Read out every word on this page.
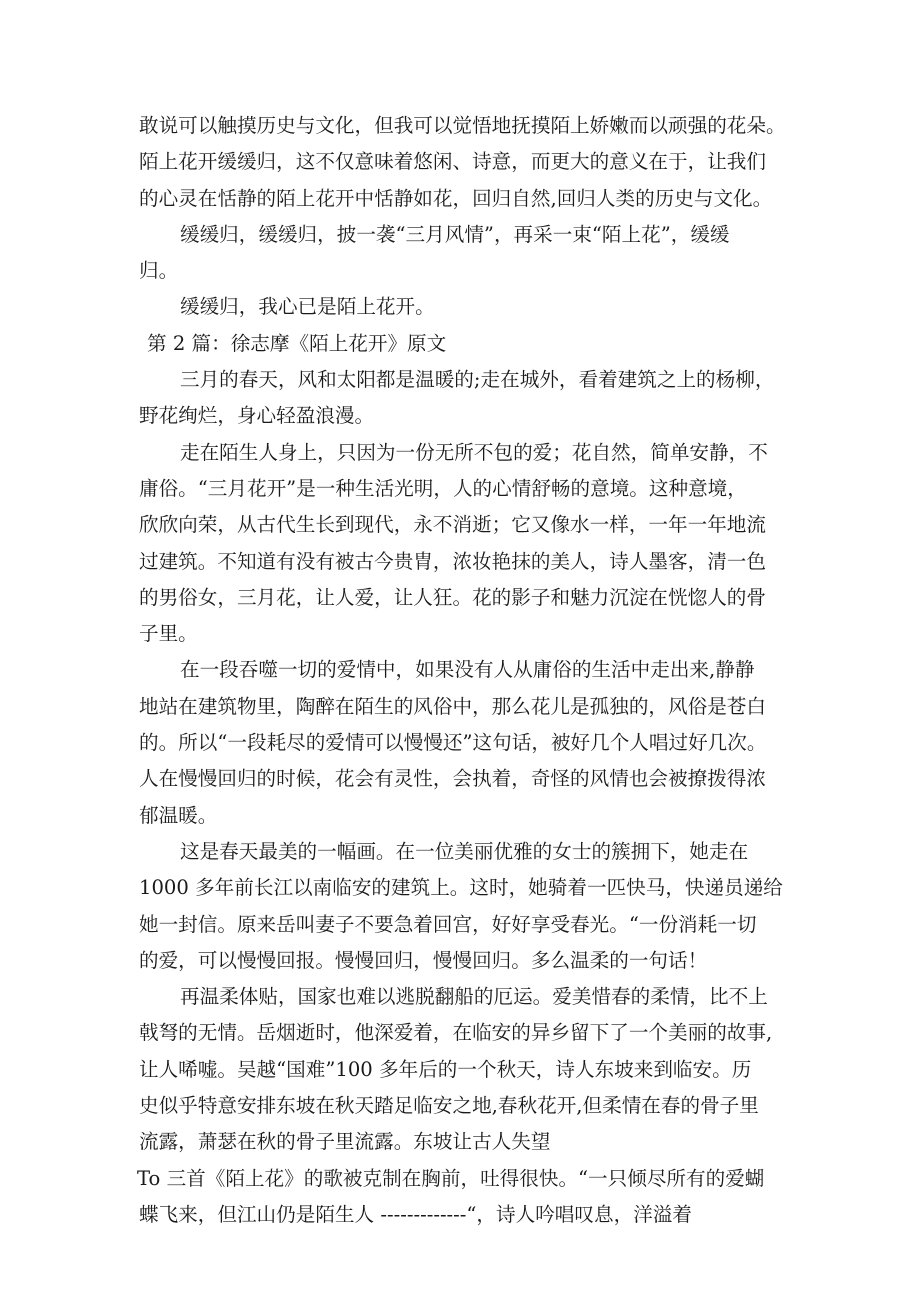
敢说可以触摸历史与文化，但我可以觉悟地抚摸陌上娇嫩而以顽强的花朵。
陌上花开缓缓归，这不仅意味着悠闲、诗意，而更大的意义在于，让我们
的心灵在恬静的陌上花开中恬静如花，回归自然,回归人类的历史与文化。
缓缓归，缓缓归，披一袭“三月风情”，再采一束“陌上花”，缓缓
归。
缓缓归，我心已是陌上花开。
第 2 篇：徐志摩《陌上花开》原文
三月的春天，风和太阳都是温暖的;走在城外，看着建筑之上的杨柳，
野花绚烂，身心轻盈浪漫。
走在陌生人身上，只因为一份无所不包的爱；花自然，简单安静，不
庸俗。“三月花开”是一种生活光明，人的心情舒畅的意境。这种意境，
欣欣向荣，从古代生长到现代，永不消逝；它又像水一样，一年一年地流
过建筑。不知道有没有被古今贵胄，浓妆艳抹的美人，诗人墨客，清一色
的男俗女，三月花，让人爱，让人狂。花的影子和魅力沉淀在恍惚人的骨
子里。
在一段吞噬一切的爱情中，如果没有人从庸俗的生活中走出来,静静
地站在建筑物里，陶醉在陌生的风俗中，那么花儿是孤独的，风俗是苍白
的。所以“一段耗尽的爱情可以慢慢还”这句话，被好几个人唱过好几次。
人在慢慢回归的时候，花会有灵性，会执着，奇怪的风情也会被撩拨得浓
郁温暖。
这是春天最美的一幅画。在一位美丽优雅的女士的簇拥下，她走在
1000 多年前长江以南临安的建筑上。这时，她骑着一匹快马，快递员递给
她一封信。原来岳叫妻子不要急着回宫，好好享受春光。“一份消耗一切
的爱，可以慢慢回报。慢慢回归，慢慢回归。多么温柔的一句话！
再温柔体贴，国家也难以逃脱翻船的厄运。爱美惜春的柔情，比不上
戟弩的无情。岳烟逝时，他深爱着，在临安的异乡留下了一个美丽的故事,
让人唏嘘。吴越“国难”100 多年后的一个秋天，诗人东坡来到临安。历
史似乎特意安排东坡在秋天踏足临安之地,春秋花开,但柔情在春的骨子里
流露，萧瑟在秋的骨子里流露。东坡让古人失望
To 三首《陌上花》的歌被克制在胸前，吐得很快。“一只倾尽所有的爱蝴
蝶飞来，但江山仍是陌生人 -------------“，诗人吟唱叹息，洋溢着
